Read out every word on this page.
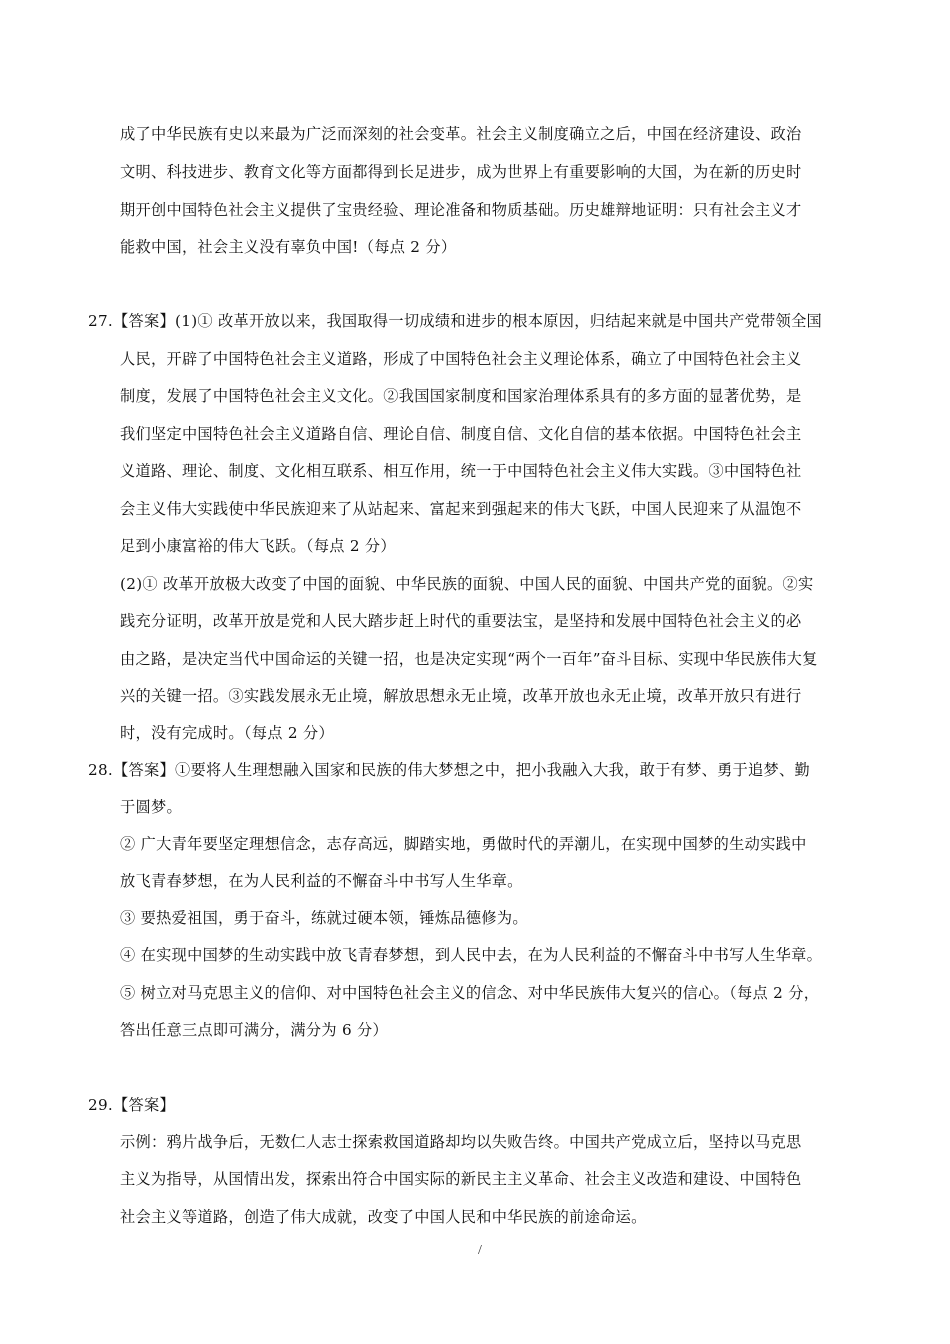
成了中华民族有史以来最为广泛而深刻的社会变革。社会主义制度确立之后，中国在经济建设、政治
文明、科技进步、教育文化等方面都得到长足进步，成为世界上有重要影响的大国，为在新的历史时
期开创中国特色社会主义提供了宝贵经验、理论准备和物质基础。历史雄辩地证明：只有社会主义才
能救中国，社会主义没有辜负中国!（每点 2 分）
27.【答案】(1)① 改革开放以来，我国取得一切成绩和进步的根本原因，归结起来就是中国共产党带领全国
人民，开辟了中国特色社会主义道路，形成了中国特色社会主义理论体系，确立了中国特色社会主义
制度，发展了中国特色社会主义文化。②我国国家制度和国家治理体系具有的多方面的显著优势，是
我们坚定中国特色社会主义道路自信、理论自信、制度自信、文化自信的基本依据。中国特色社会主
义道路、理论、制度、文化相互联系、相互作用，统一于中国特色社会主义伟大实践。③中国特色社
会主义伟大实践使中华民族迎来了从站起来、富起来到强起来的伟大飞跃，中国人民迎来了从温饱不
足到小康富裕的伟大飞跃。（每点 2 分）
(2)① 改革开放极大改变了中国的面貌、中华民族的面貌、中国人民的面貌、中国共产党的面貌。②实
践充分证明，改革开放是党和人民大踏步赶上时代的重要法宝，是坚持和发展中国特色社会主义的必
由之路，是决定当代中国命运的关键一招，也是决定实现“两个一百年”奋斗目标、实现中华民族伟大复
兴的关键一招。③实践发展永无止境，解放思想永无止境，改革开放也永无止境，改革开放只有进行
时，没有完成时。（每点 2 分）
28.【答案】①要将人生理想融入国家和民族的伟大梦想之中，把小我融入大我，敢于有梦、勇于追梦、勤
于圆梦。
② 广大青年要坚定理想信念，志存高远，脚踏实地，勇做时代的弄潮儿，在实现中国梦的生动实践中
放飞青春梦想，在为人民利益的不懈奋斗中书写人生华章。
③ 要热爱祖国，勇于奋斗，练就过硬本领，锤炼品德修为。
④ 在实现中国梦的生动实践中放飞青春梦想，到人民中去，在为人民利益的不懈奋斗中书写人生华章。
⑤ 树立对马克思主义的信仰、对中国特色社会主义的信念、对中华民族伟大复兴的信心。（每点 2 分，
答出任意三点即可满分，满分为 6 分）
29.【答案】
示例：鸦片战争后，无数仁人志士探索救国道路却均以失败告终。中国共产党成立后，坚持以马克思
主义为指导，从国情出发，探索出符合中国实际的新民主主义革命、社会主义改造和建设、中国特色
社会主义等道路，创造了伟大成就，改变了中国人民和中华民族的前途命运。
/
